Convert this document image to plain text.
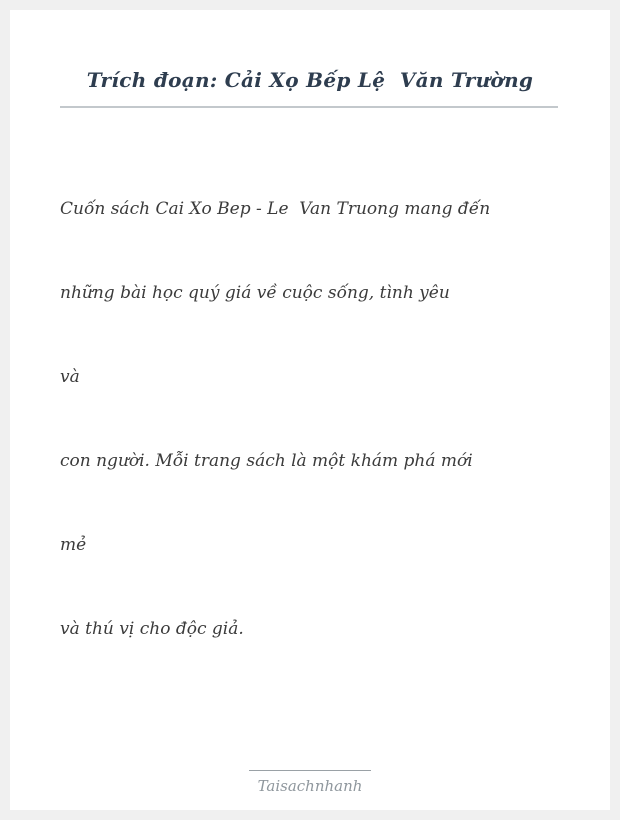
Trích đoạn: Cải Xọ Bếp Lệ  Văn Trường

Cuốn sách Cai Xo Bep - Le  Van Truong mang đến

những bài học quý giá về cuộc sống, tình yêu

và

con người. Mỗi trang sách là một khám phá mới

mẻ

và thú vị cho độc giả.

Taisachnhanh
